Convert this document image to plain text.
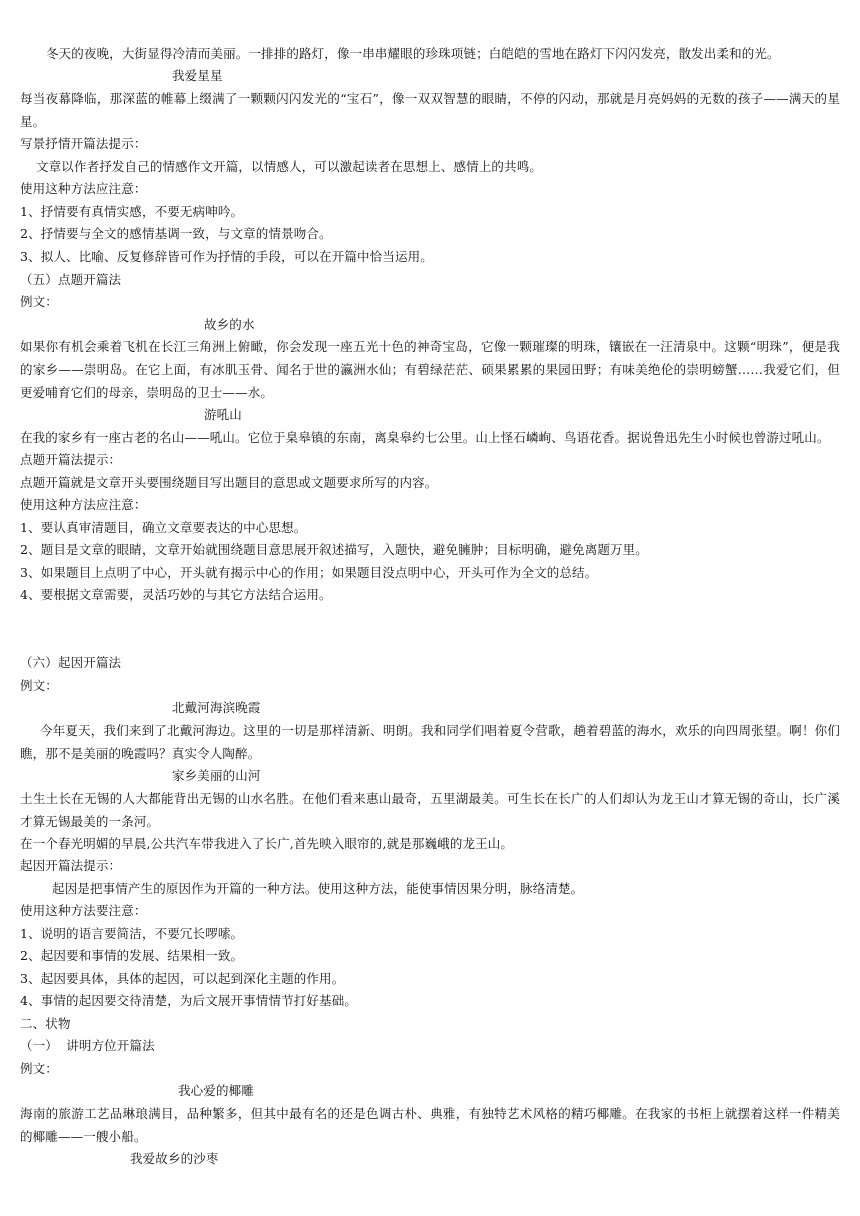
冬天的夜晚，大街显得冷清而美丽。一排排的路灯，像一串串耀眼的珍珠项链；白皑皑的雪地在路灯下闪闪发亮，散发出柔和的光。
我爱星星
每当夜幕降临，那深蓝的帷幕上缀满了一颗颗闪闪发光的“宝石”，像一双双智慧的眼睛，不停的闪动，那就是月亮妈妈的无数的孩子——满天的星星。
写景抒情开篇法提示：
文章以作者抒发自己的情感作文开篇，以情感人，可以激起读者在思想上、感情上的共鸣。
使用这种方法应注意：
1、抒情要有真情实感，不要无病呻吟。
2、抒情要与全文的感情基调一致，与文章的情景吻合。
3、拟人、比喻、反复修辞皆可作为抒情的手段，可以在开篇中恰当运用。
（五）点题开篇法
例文：
故乡的水
如果你有机会乘着飞机在长江三角洲上俯瞰，你会发现一座五光十色的神奇宝岛，它像一颗璀璨的明珠，镶嵌在一汪清泉中。这颗“明珠”，便是我的家乡——崇明岛。在它上面，有冰肌玉骨、闻名于世的瀛洲水仙；有碧绿茫茫、硕果累累的果园田野；有味美绝伦的崇明螃蟹……我爱它们，但更爱哺育它们的母亲，崇明岛的卫士——水。
游吼山
在我的家乡有一座古老的名山——吼山。它位于臬皋镇的东南，离臬皋约七公里。山上怪石嶙峋、鸟语花香。据说鲁迅先生小时候也曾游过吼山。
点题开篇法提示：
点题开篇就是文章开头要围绕题目写出题目的意思或文题要求所写的内容。
使用这种方法应注意：
1、要认真审清题目，确立文章要表达的中心思想。
2、题目是文章的眼睛，文章开始就围绕题目意思展开叙述描写，入题快，避免臃肿；目标明确，避免离题万里。
3、如果题目上点明了中心，开头就有揭示中心的作用；如果题目没点明中心，开头可作为全文的总结。
4、要根据文章需要，灵活巧妙的与其它方法结合运用。
（六）起因开篇法
例文：
北戴河海滨晚霞
今年夏天，我们来到了北戴河海边。这里的一切是那样清新、明朗。我和同学们唱着夏令营歌，趟着碧蓝的海水，欢乐的向四周张望。啊！你们瞧，那不是美丽的晚霞吗？真实令人陶醉。
家乡美丽的山河
土生土长在无锡的人大都能背出无锡的山水名胜。在他们看来惠山最奇，五里湖最美。可生长在长广的人们却认为龙王山才算无锡的奇山，长广溪才算无锡最美的一条河。
在一个春光明媚的早晨,公共汽车带我进入了长广,首先映入眼帘的,就是那巍峨的龙王山。
起因开篇法提示：
起因是把事情产生的原因作为开篇的一种方法。使用这种方法，能使事情因果分明，脉络清楚。
使用这种方法要注意：
1、说明的语言要简洁，不要冗长啰嗦。
2、起因要和事情的发展、结果相一致。
3、起因要具体，具体的起因，可以起到深化主题的作用。
4、事情的起因要交待清楚，为后文展开事情情节打好基础。
二、状物
（一）  讲明方位开篇法
例文：
我心爱的椰雕
海南的旅游工艺品琳琅满目，品种繁多，但其中最有名的还是色调古朴、典雅，有独特艺术风格的精巧椰雕。在我家的书柜上就摆着这样一件精美的椰雕——一艘小船。
我爱故乡的沙枣
